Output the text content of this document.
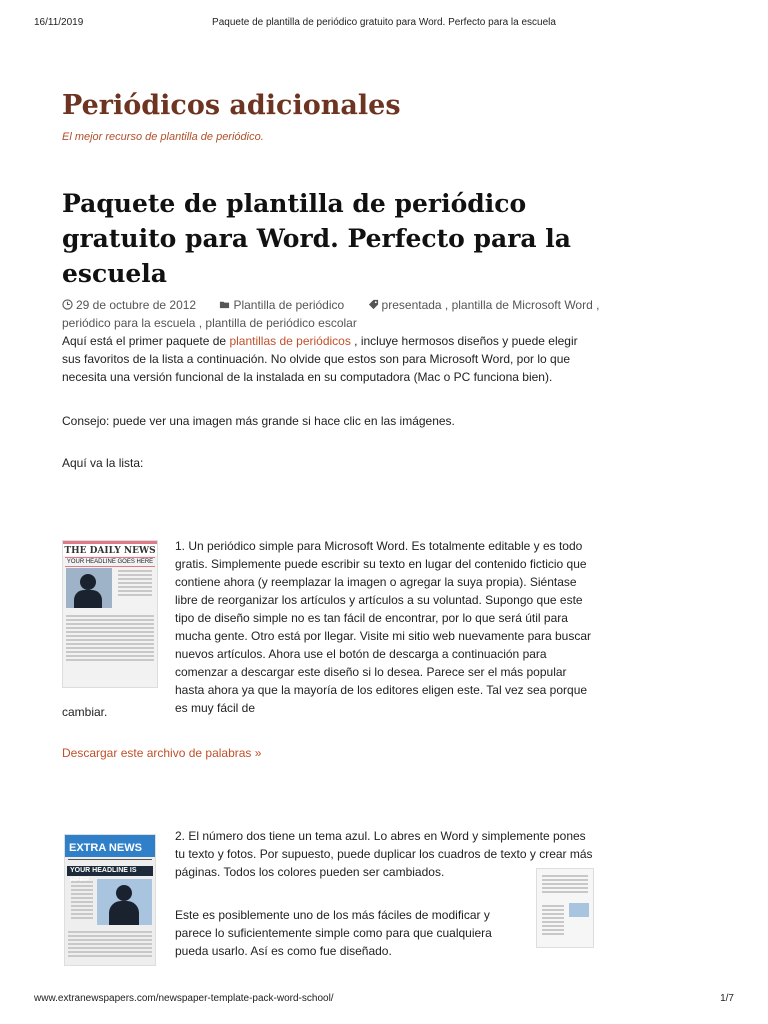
16/11/2019	Paquete de plantilla de periódico gratuito para Word. Perfecto para la escuela
Periódicos adicionales

El mejor recurso de plantilla de periódico.

Paquete de plantilla de periódico gratuito para Word. Perfecto para la escuela
29 de octubre de 2012	Plantilla de periódico	presentada , plantilla de Microsoft Word , periódico para la escuela , plantilla de periódico escolar
Aquí está el primer paquete de plantillas de periódicos , incluye hermosos diseños y puede elegir sus favoritos de la lista a continuación. No olvide que estos son para Microsoft Word, por lo que necesita una versión funcional de la instalada en su computadora (Mac o PC funciona bien).
Consejo: puede ver una imagen más grande si hace clic en las imágenes.
Aquí va la lista:
THE DAILY NEWS
YOUR HEADLINE GOES HERE
1. Un periódico simple para Microsoft Word. Es totalmente editable y es todo gratis. Simplemente puede escribir su texto en lugar del contenido ficticio que contiene ahora (y reemplazar la imagen o agregar la suya propia). Siéntase libre de reorganizar los artículos y artículos a su voluntad. Supongo que este tipo de diseño simple no es tan fácil de encontrar, por lo que será útil para mucha gente. Otro está por llegar. Visite mi sitio web nuevamente para buscar nuevos artículos. Ahora use el botón de descarga a continuación para comenzar a descargar este diseño si lo desea. Parece ser el más popular hasta ahora ya que la mayoría de los editores eligen este. Tal vez sea porque es muy fácil de
cambiar.
Descargar este archivo de palabras »
EXTRA NEWS
YOUR HEADLINE IS
2. El número dos tiene un tema azul. Lo abres en Word y simplemente pones tu texto y fotos. Por supuesto, puede duplicar los cuadros de texto y crear más páginas. Todos los colores pueden ser cambiados.
Este es posiblemente uno de los más fáciles de modificar y parece lo suficientemente simple como para que cualquiera pueda usarlo. Así es como fue diseñado.
www.extranewspapers.com/newspaper-template-pack-word-school/	1/7
